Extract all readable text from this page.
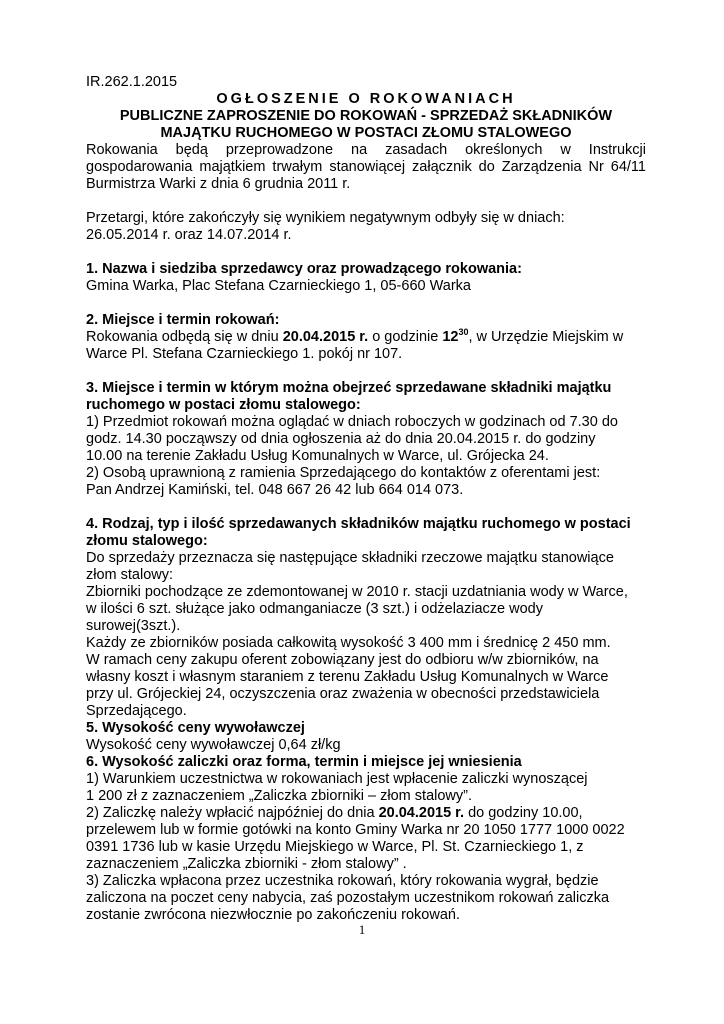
IR.262.1.2015

OGŁOSZENIE O ROKOWANIACH

PUBLICZNE ZAPROSZENIE DO ROKOWAŃ - SPRZEDAŻ SKŁADNIKÓW

MAJĄTKU RUCHOMEGO W POSTACI ZŁOMU STALOWEGO

Rokowania będą przeprowadzone na zasadach określonych w Instrukcji gospodarowania majątkiem trwałym stanowiącej załącznik do Zarządzenia Nr 64/11 Burmistrza Warki z dnia 6 grudnia 2011 r.

Przetargi, które zakończyły się wynikiem negatywnym odbyły się w dniach:

26.05.2014 r. oraz 14.07.2014 r.

1. Nazwa i siedziba sprzedawcy oraz prowadzącego rokowania:

Gmina Warka, Plac Stefana Czarnieckiego 1, 05-660 Warka

2. Miejsce i termin rokowań:

Rokowania odbędą się w dniu 20.04.2015 r. o godzinie $12^{30}$, w Urzędzie Miejskim w

Warce Pl. Stefana Czarnieckiego 1. pokój nr 107.

3. Miejsce i termin w którym można obejrzeć sprzedawane składniki majątku

ruchomego w postaci złomu stalowego:

1) Przedmiot rokowań można oglądać w dniach roboczych w godzinach od 7.30 do

godz. 14.30 począwszy od dnia ogłoszenia aż do dnia 20.04.2015 r. do godziny

10.00 na terenie Zakładu Usług Komunalnych w Warce, ul. Grójecka 24.

2) Osobą uprawnioną z ramienia Sprzedającego do kontaktów z oferentami jest:

Pan Andrzej Kamiński, tel. 048 667 26 42 lub 664 014 073.

4. Rodzaj, typ i ilość sprzedawanych składników majątku ruchomego w postaci

złomu stalowego:

Do sprzedaży przeznacza się następujące składniki rzeczowe majątku stanowiące

złom stalowy:

Zbiorniki pochodzące ze zdemontowanej w 2010 r. stacji uzdatniania wody w Warce,

w ilości 6 szt. służące jako odmanganiacze (3 szt.) i odżelaziacze wody

surowej(3szt.).

Każdy ze zbiorników posiada całkowitą wysokość 3 400 mm i średnicę 2 450 mm.

W ramach ceny zakupu oferent zobowiązany jest do odbioru w/w zbiorników, na

własny koszt i własnym staraniem z terenu Zakładu Usług Komunalnych w Warce

przy ul. Grójeckiej 24, oczyszczenia oraz zważenia w obecności przedstawiciela

Sprzedającego.

5. Wysokość ceny wywoławczej

Wysokość ceny wywoławczej 0,64 zł/kg

6. Wysokość zaliczki oraz forma, termin i miejsce jej wniesienia

1) Warunkiem uczestnictwa w rokowaniach jest wpłacenie zaliczki wynoszącej

1 200 zł z zaznaczeniem „Zaliczka zbiorniki – złom stalowy”.

2) Zaliczkę należy wpłacić najpóźniej do dnia 20.04.2015 r. do godziny 10.00,

przelewem lub w formie gotówki na konto Gminy Warka nr 20 1050 1777 1000 0022

0391 1736 lub w kasie Urzędu Miejskiego w Warce, Pl. St. Czarnieckiego 1, z

zaznaczeniem „Zaliczka zbiorniki - złom stalowy” .

3) Zaliczka wpłacona przez uczestnika rokowań, który rokowania wygrał, będzie

zaliczona na poczet ceny nabycia, zaś pozostałym uczestnikom rokowań zaliczka

zostanie zwrócona niezwłocznie po zakończeniu rokowań.

1
